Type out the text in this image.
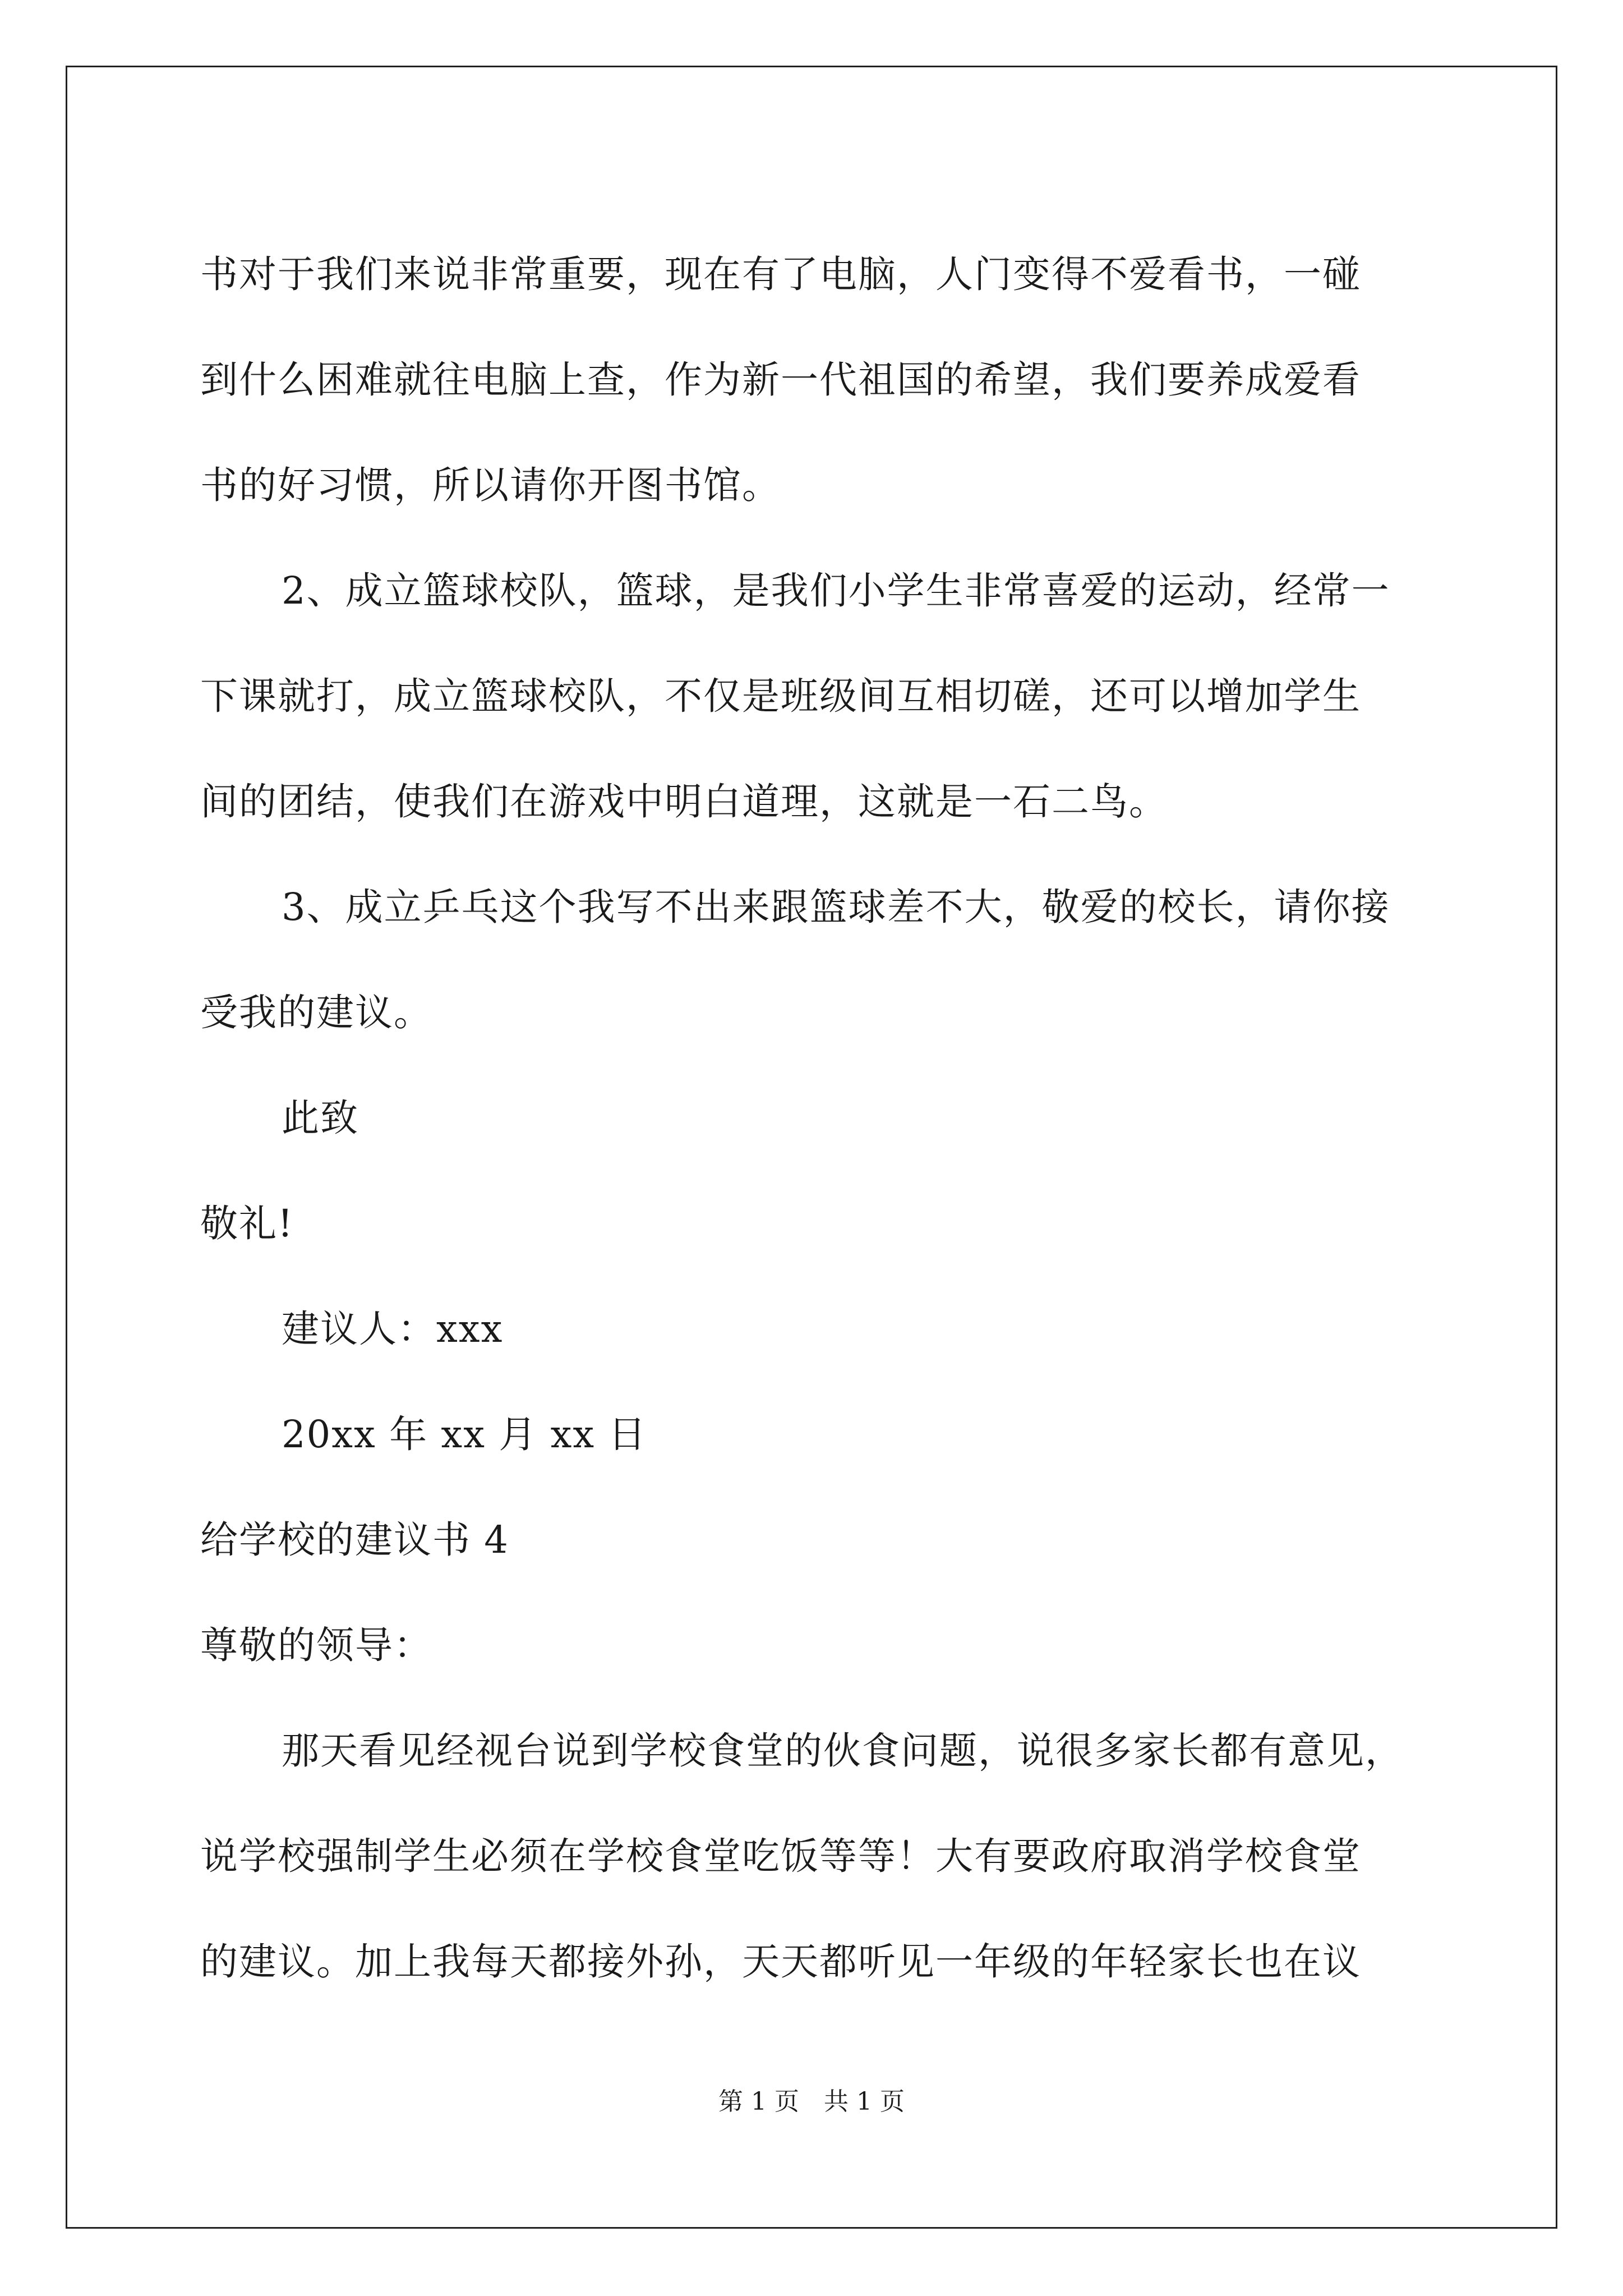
书对于我们来说非常重要，现在有了电脑，人门变得不爱看书，一碰
到什么困难就往电脑上查，作为新一代祖国的希望，我们要养成爱看
书的好习惯，所以请你开图书馆。
2、成立篮球校队，篮球，是我们小学生非常喜爱的运动，经常一
下课就打，成立篮球校队，不仅是班级间互相切磋，还可以增加学生
间的团结，使我们在游戏中明白道理，这就是一石二鸟。
3、成立乒乓这个我写不出来跟篮球差不大，敬爱的校长，请你接
受我的建议。
此致
敬礼!
建议人：xxx
20xx 年 xx 月 xx 日
给学校的建议书 4
尊敬的领导：
那天看见经视台说到学校食堂的伙食问题，说很多家长都有意见，
说学校强制学生必须在学校食堂吃饭等等！大有要政府取消学校食堂
的建议。加上我每天都接外孙，天天都听见一年级的年轻家长也在议
第 1 页　共 1 页
